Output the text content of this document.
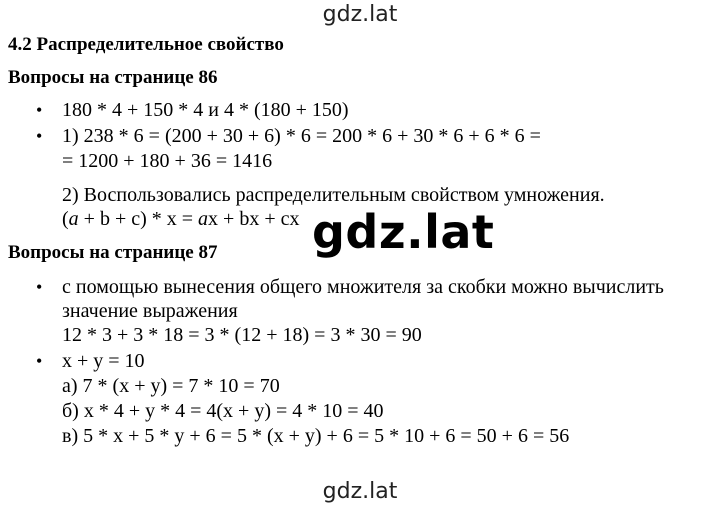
gdz.lat
4.2 Распределительное свойство
Вопросы на странице 86
• 180 * 4 + 150 * 4 и 4 * (180 + 150)
• 1) 238 * 6 = (200 + 30 + 6) * 6 = 200 * 6 + 30 * 6 + 6 * 6 =
= 1200 + 180 + 36 = 1416
2) Воспользовались распределительным свойством умножения.
(a + b + c) * x = ax + bx + cx gdz.lat
Вопросы на странице 87
• с помощью вынесения общего множителя за скобки можно вычислить
значение выражения
12 * 3 + 3 * 18 = 3 * (12 + 18) = 3 * 30 = 90
• x + y = 10
а) 7 * (x + y) = 7 * 10 = 70
б) x * 4 + y * 4 = 4(x + y) = 4 * 10 = 40
в) 5 * x + 5 * y + 6 = 5 * (x + y) + 6 = 5 * 10 + 6 = 50 + 6 = 56
gdz.lat
